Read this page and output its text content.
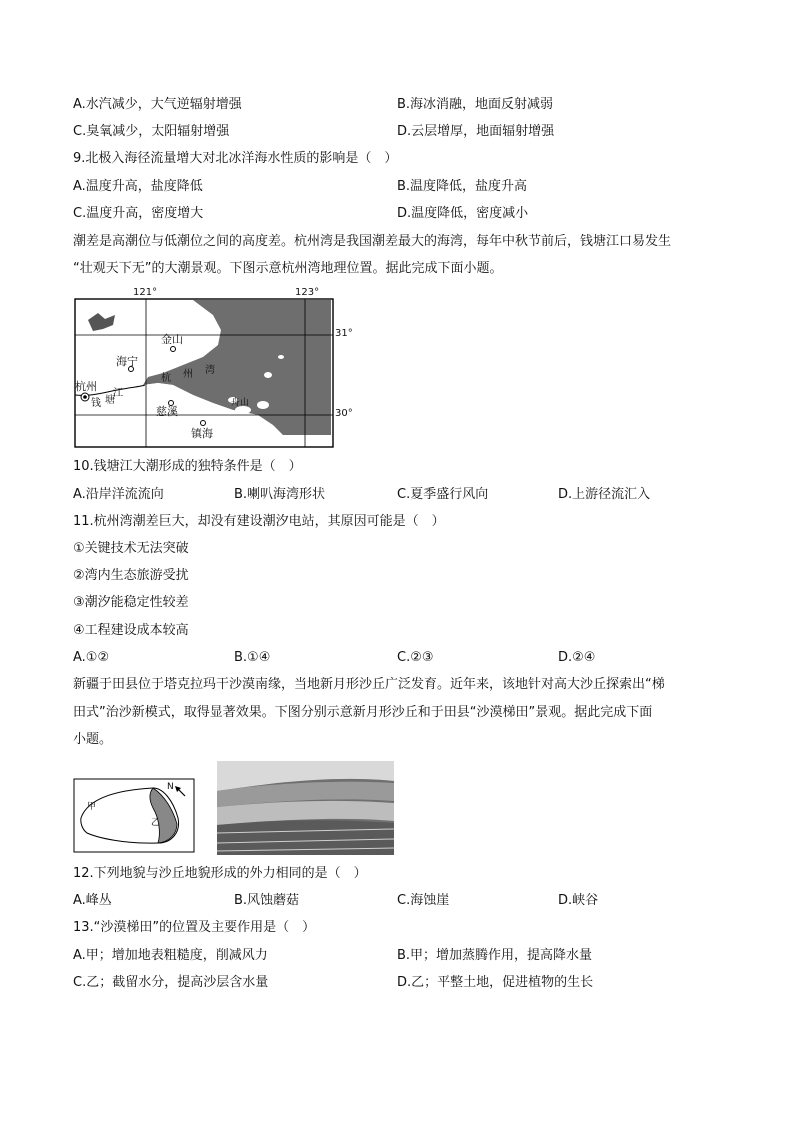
A.水汽减少，大气逆辐射增强	B.海冰消融，地面反射减弱
C.臭氧减少，太阳辐射增强	D.云层增厚，地面辐射增强
9.北极入海径流量增大对北冰洋海水性质的影响是（　）
A.温度升高，盐度降低	B.温度降低，盐度升高
C.温度升高，密度增大	D.温度降低，密度减小
潮差是高潮位与低潮位之间的高度差。杭州湾是我国潮差最大的海湾，每年中秋节前后，钱塘江口易发生
“壮观天下无”的大潮景观。下图示意杭州湾地理位置。据此完成下面小题。
121°	123°
31°
30°
金山
海宁
杭州
江
钱 塘
杭 州 湾
慈溪
镇海
舟山
10.钱塘江大潮形成的独特条件是（　）
A.沿岸洋流流向	B.喇叭海湾形状	C.夏季盛行风向	D.上游径流汇入
11.杭州湾潮差巨大，却没有建设潮汐电站，其原因可能是（　）
①关键技术无法突破
②湾内生态旅游受扰
③潮汐能稳定性较差
④工程建设成本较高
A.①②	B.①④	C.②③	D.②④
新疆于田县位于塔克拉玛干沙漠南缘，当地新月形沙丘广泛发育。近年来，该地针对高大沙丘探索出“梯
田式”治沙新模式，取得显著效果。下图分别示意新月形沙丘和于田县“沙漠梯田”景观。据此完成下面
小题。
N
甲
乙
12.下列地貌与沙丘地貌形成的外力相同的是（　）
A.峰丛	B.风蚀蘑菇	C.海蚀崖	D.峡谷
13.“沙漠梯田”的位置及主要作用是（　）
A.甲；增加地表粗糙度，削减风力	B.甲；增加蒸腾作用，提高降水量
C.乙；截留水分，提高沙层含水量	D.乙；平整土地，促进植物的生长
